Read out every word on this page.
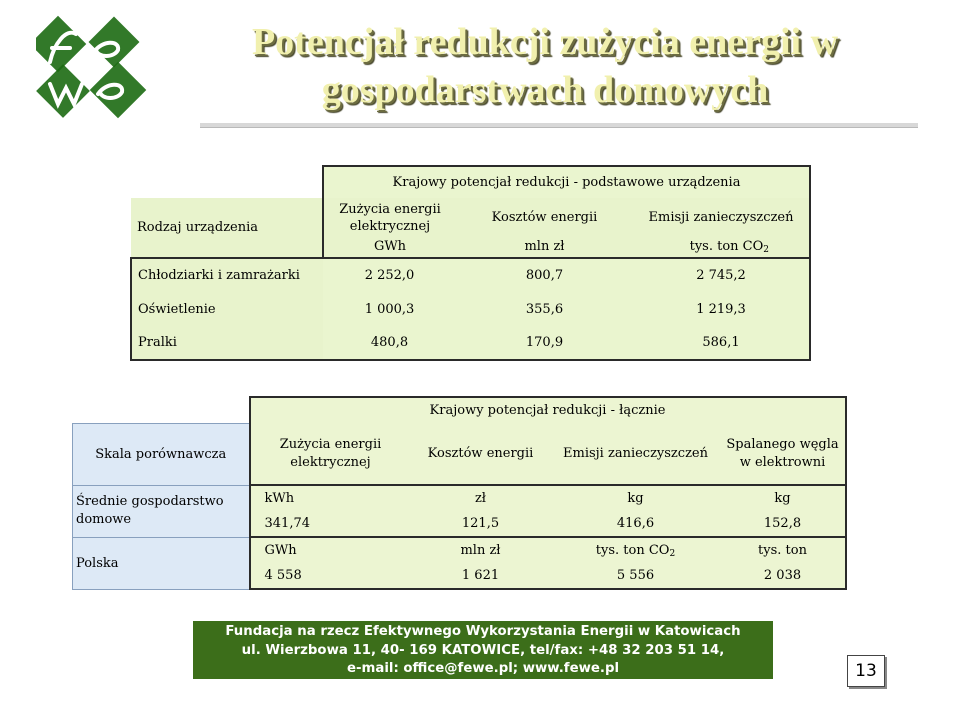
Potencjał redukcji zużycia energii w
gospodarstwach domowych
	Krajowy potencjał redukcji - podstawowe urządzenia		
Rodzaj urządzenia	Zużycia energii elektrycznej	Kosztów energii	Emisji zanieczyszczeń
	GWh	mln zł	tys. ton $CO_2$
Chłodziarki i zamrażarki	2 252,0	800,7	2 745,2
Oświetlenie	1 000,3	355,6	1 219,3
Pralki	480,8	170,9	586,1
	Krajowy potencjał redukcji - łącznie			
Skala porównawcza	Zużycia energii elektrycznej	Kosztów energii	Emisji zanieczyszczeń	Spalanego węgla w elektrowni
Średnie gospodarstwo domowe	kWh	zł	kg	kg
	341,74	121,5	416,6	152,8
Polska	GWh	mln zł	tys. ton $CO_2$	tys. ton
	4 558	1 621	5 556	2 038
Fundacja na rzecz Efektywnego Wykorzystania Energii w Katowicach
ul. Wierzbowa 11, 40- 169 KATOWICE, tel/fax: +48 32 203 51 14,
e-mail: office@fewe.pl; www.fewe.pl	13
